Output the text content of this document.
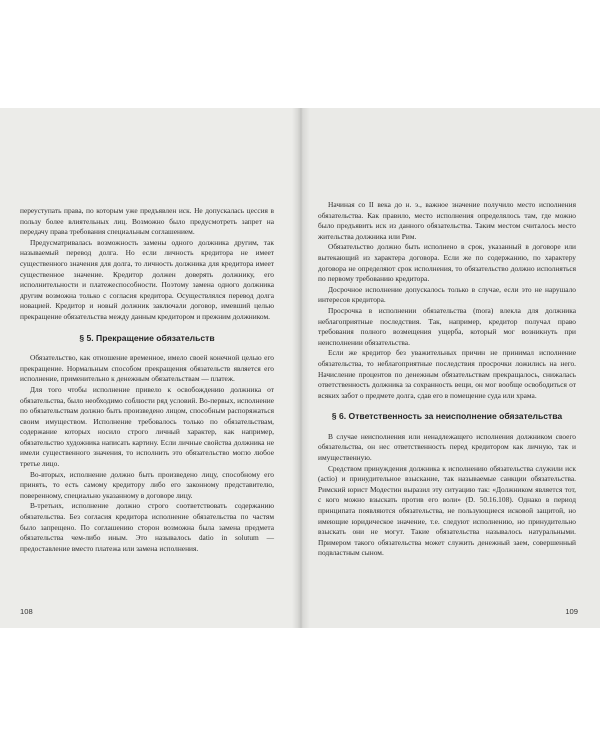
переуступать права, по которым уже предъявлен иск. Не допускалась цессия в пользу более влиятельных лиц. Возможно было предусмотреть запрет на передачу права требования специальным соглашением.

Предусматривалась возможность замены одного должника другим, так называемый перевод долга. Но если личность кредитора не имеет существенного значения для долга, то личность должника для кредитора имеет существенное значение. Кредитор должен доверять должнику, его исполнительности и платежеспособности. Поэтому замена одного должника другим возможна только с согласия кредитора. Осуществлялся перевод долга новацией. Кредитор и новый должник заключали договор, имевший целью прекращение обязательства между данным кредитором и прежним должником.

§ 5. Прекращение обязательств

Обязательство, как отношение временное, имело своей конечной целью его прекращение. Нормальным способом прекращения обязательств является его исполнение, применительно к денежным обязательствам — платеж.

Для того чтобы исполнение привело к освобождению должника от обязательства, было необходимо соблюсти ряд условий. Во-первых, исполнение по обязательствам должно быть произведено лицом, способным распоряжаться своим имуществом. Исполнение требовалось только по обязательствам, содержание которых носило строго личный характер, как например, обязательство художника написать картину. Если личные свойства должника не имели существенного значения, то исполнить это обязательство могло любое третье лицо.

Во-вторых, исполнение должно быть произведено лицу, способному его принять, то есть самому кредитору либо его законному представителю, поверенному, специально указанному в договоре лицу.

В-третьих, исполнение должно строго соответствовать содержанию обязательства. Без согласия кредитора исполнение обязательства по частям было запрещено. По соглашению сторон возможна была замена предмета обязательства чем-либо иным. Это называлось datio in solutum — предоставление вместо платежа или замена исполнения.

108

Начиная со II века до н. э., важное значение получило место исполнения обязательства. Как правило, место исполнения определялось там, где можно было предъявить иск из данного обязательства. Таким местом считалось место жительства должника или Рим.

Обязательство должно быть исполнено в срок, указанный в договоре или вытекающий из характера договора. Если же по содержанию, по характеру договора не определяют срок исполнения, то обязательство должно исполняться по первому требованию кредитора.

Досрочное исполнение допускалось только в случае, если это не нарушало интересов кредитора.

Просрочка в исполнении обязательства (mora) влекла для должника неблагоприятные последствия. Так, например, кредитор получал право требования полного возмещения ущерба, который мог возникнуть при неисполнении обязательства.

Если же кредитор без уважительных причин не принимал исполнение обязательства, то неблагоприятные последствия просрочки ложились на него. Начисление процентов по денежным обязательствам прекращалось, снижалась ответственность должника за сохранность вещи, он мог вообще освободиться от всяких забот о предмете долга, сдав его в помещение суда или храма.

§ 6. Ответственность за неисполнение обязательства

В случае неисполнения или ненадлежащего исполнения должником своего обязательства, он нес ответственность перед кредитором как личную, так и имущественную.

Средством принуждения должника к исполнению обязательства служили иск (actio) и принудительное взыскание, так называемые санкции обязательства. Римский юрист Модестин выразил эту ситуацию так: «Должником является тот, с кого можно взыскать против его воли» (D. 50.16.108). Однако в период принципата появляются обязательства, не пользующиеся исковой защитой, но имеющие юридическое значение, т.е. следуют исполнению, но принудительно взыскать они не могут. Такие обязательства называлось натуральными. Примером такого обязательства может служить денежный заем, совершенный подвластным сыном.

109
